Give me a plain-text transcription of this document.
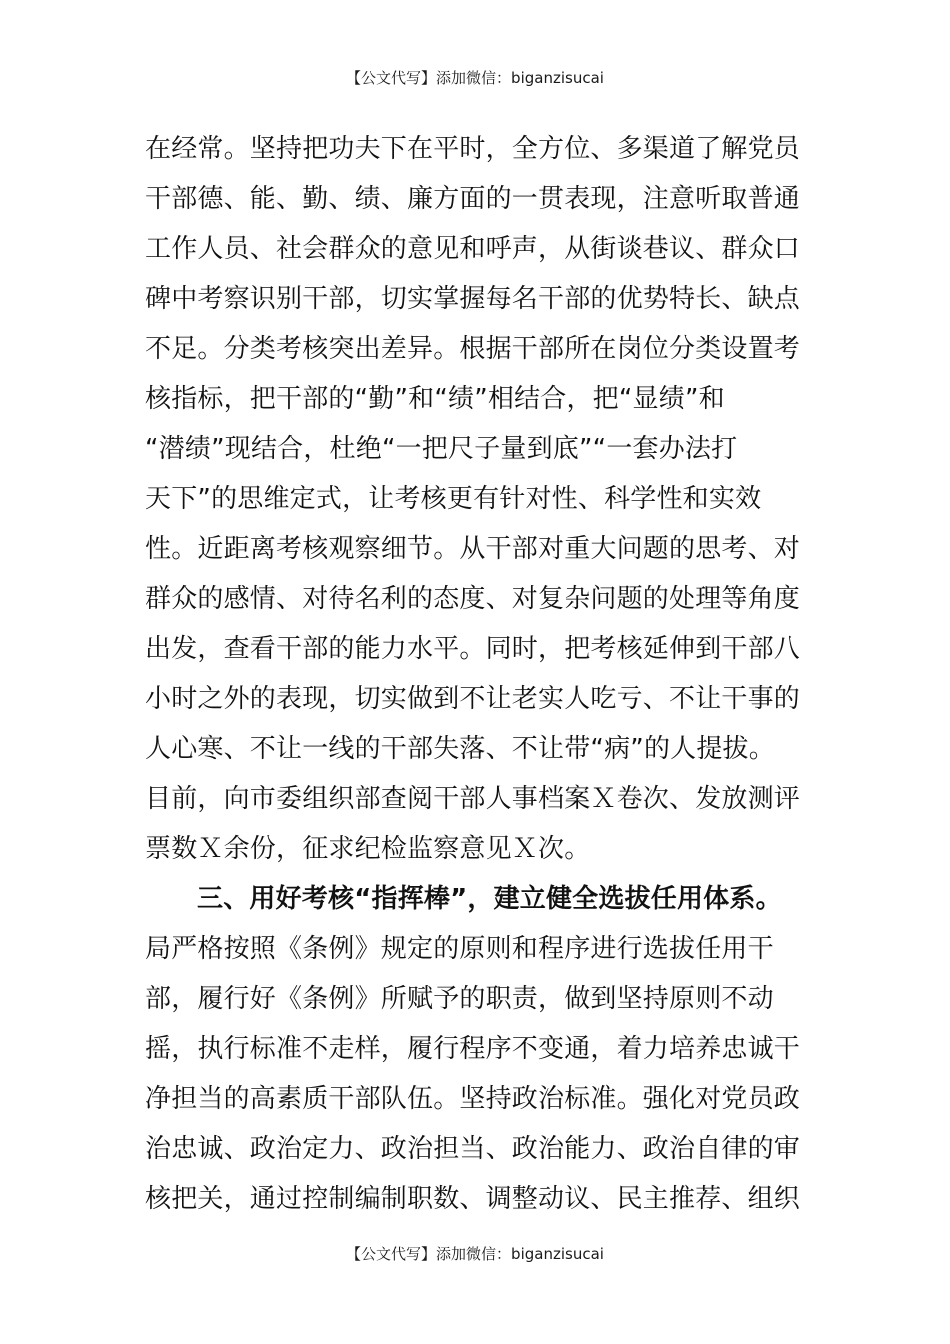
【公文代写】添加微信：biganzisucai
在经常。坚持把功夫下在平时，全方位、多渠道了解党员
干部德、能、勤、绩、廉方面的一贯表现，注意听取普通
工作人员、社会群众的意见和呼声，从街谈巷议、群众口
碑中考察识别干部，切实掌握每名干部的优势特长、缺点
不足。分类考核突出差异。根据干部所在岗位分类设置考
核指标，把干部的“勤”和“绩”相结合，把“显绩”和
“潜绩”现结合，杜绝“一把尺子量到底”“一套办法打
天下”的思维定式，让考核更有针对性、科学性和实效
性。近距离考核观察细节。从干部对重大问题的思考、对
群众的感情、对待名利的态度、对复杂问题的处理等角度
出发，查看干部的能力水平。同时，把考核延伸到干部八
小时之外的表现，切实做到不让老实人吃亏、不让干事的
人心寒、不让一线的干部失落、不让带“病”的人提拔。
目前，向市委组织部查阅干部人事档案Ｘ卷次、发放测评
票数Ｘ余份，征求纪检监察意见Ｘ次。
三、用好考核“指挥棒”，建立健全选拔任用体系。
局严格按照《条例》规定的原则和程序进行选拔任用干
部，履行好《条例》所赋予的职责，做到坚持原则不动
摇，执行标准不走样，履行程序不变通，着力培养忠诚干
净担当的高素质干部队伍。坚持政治标准。强化对党员政
治忠诚、政治定力、政治担当、政治能力、政治自律的审
核把关，通过控制编制职数、调整动议、民主推荐、组织
【公文代写】添加微信：biganzisucai
